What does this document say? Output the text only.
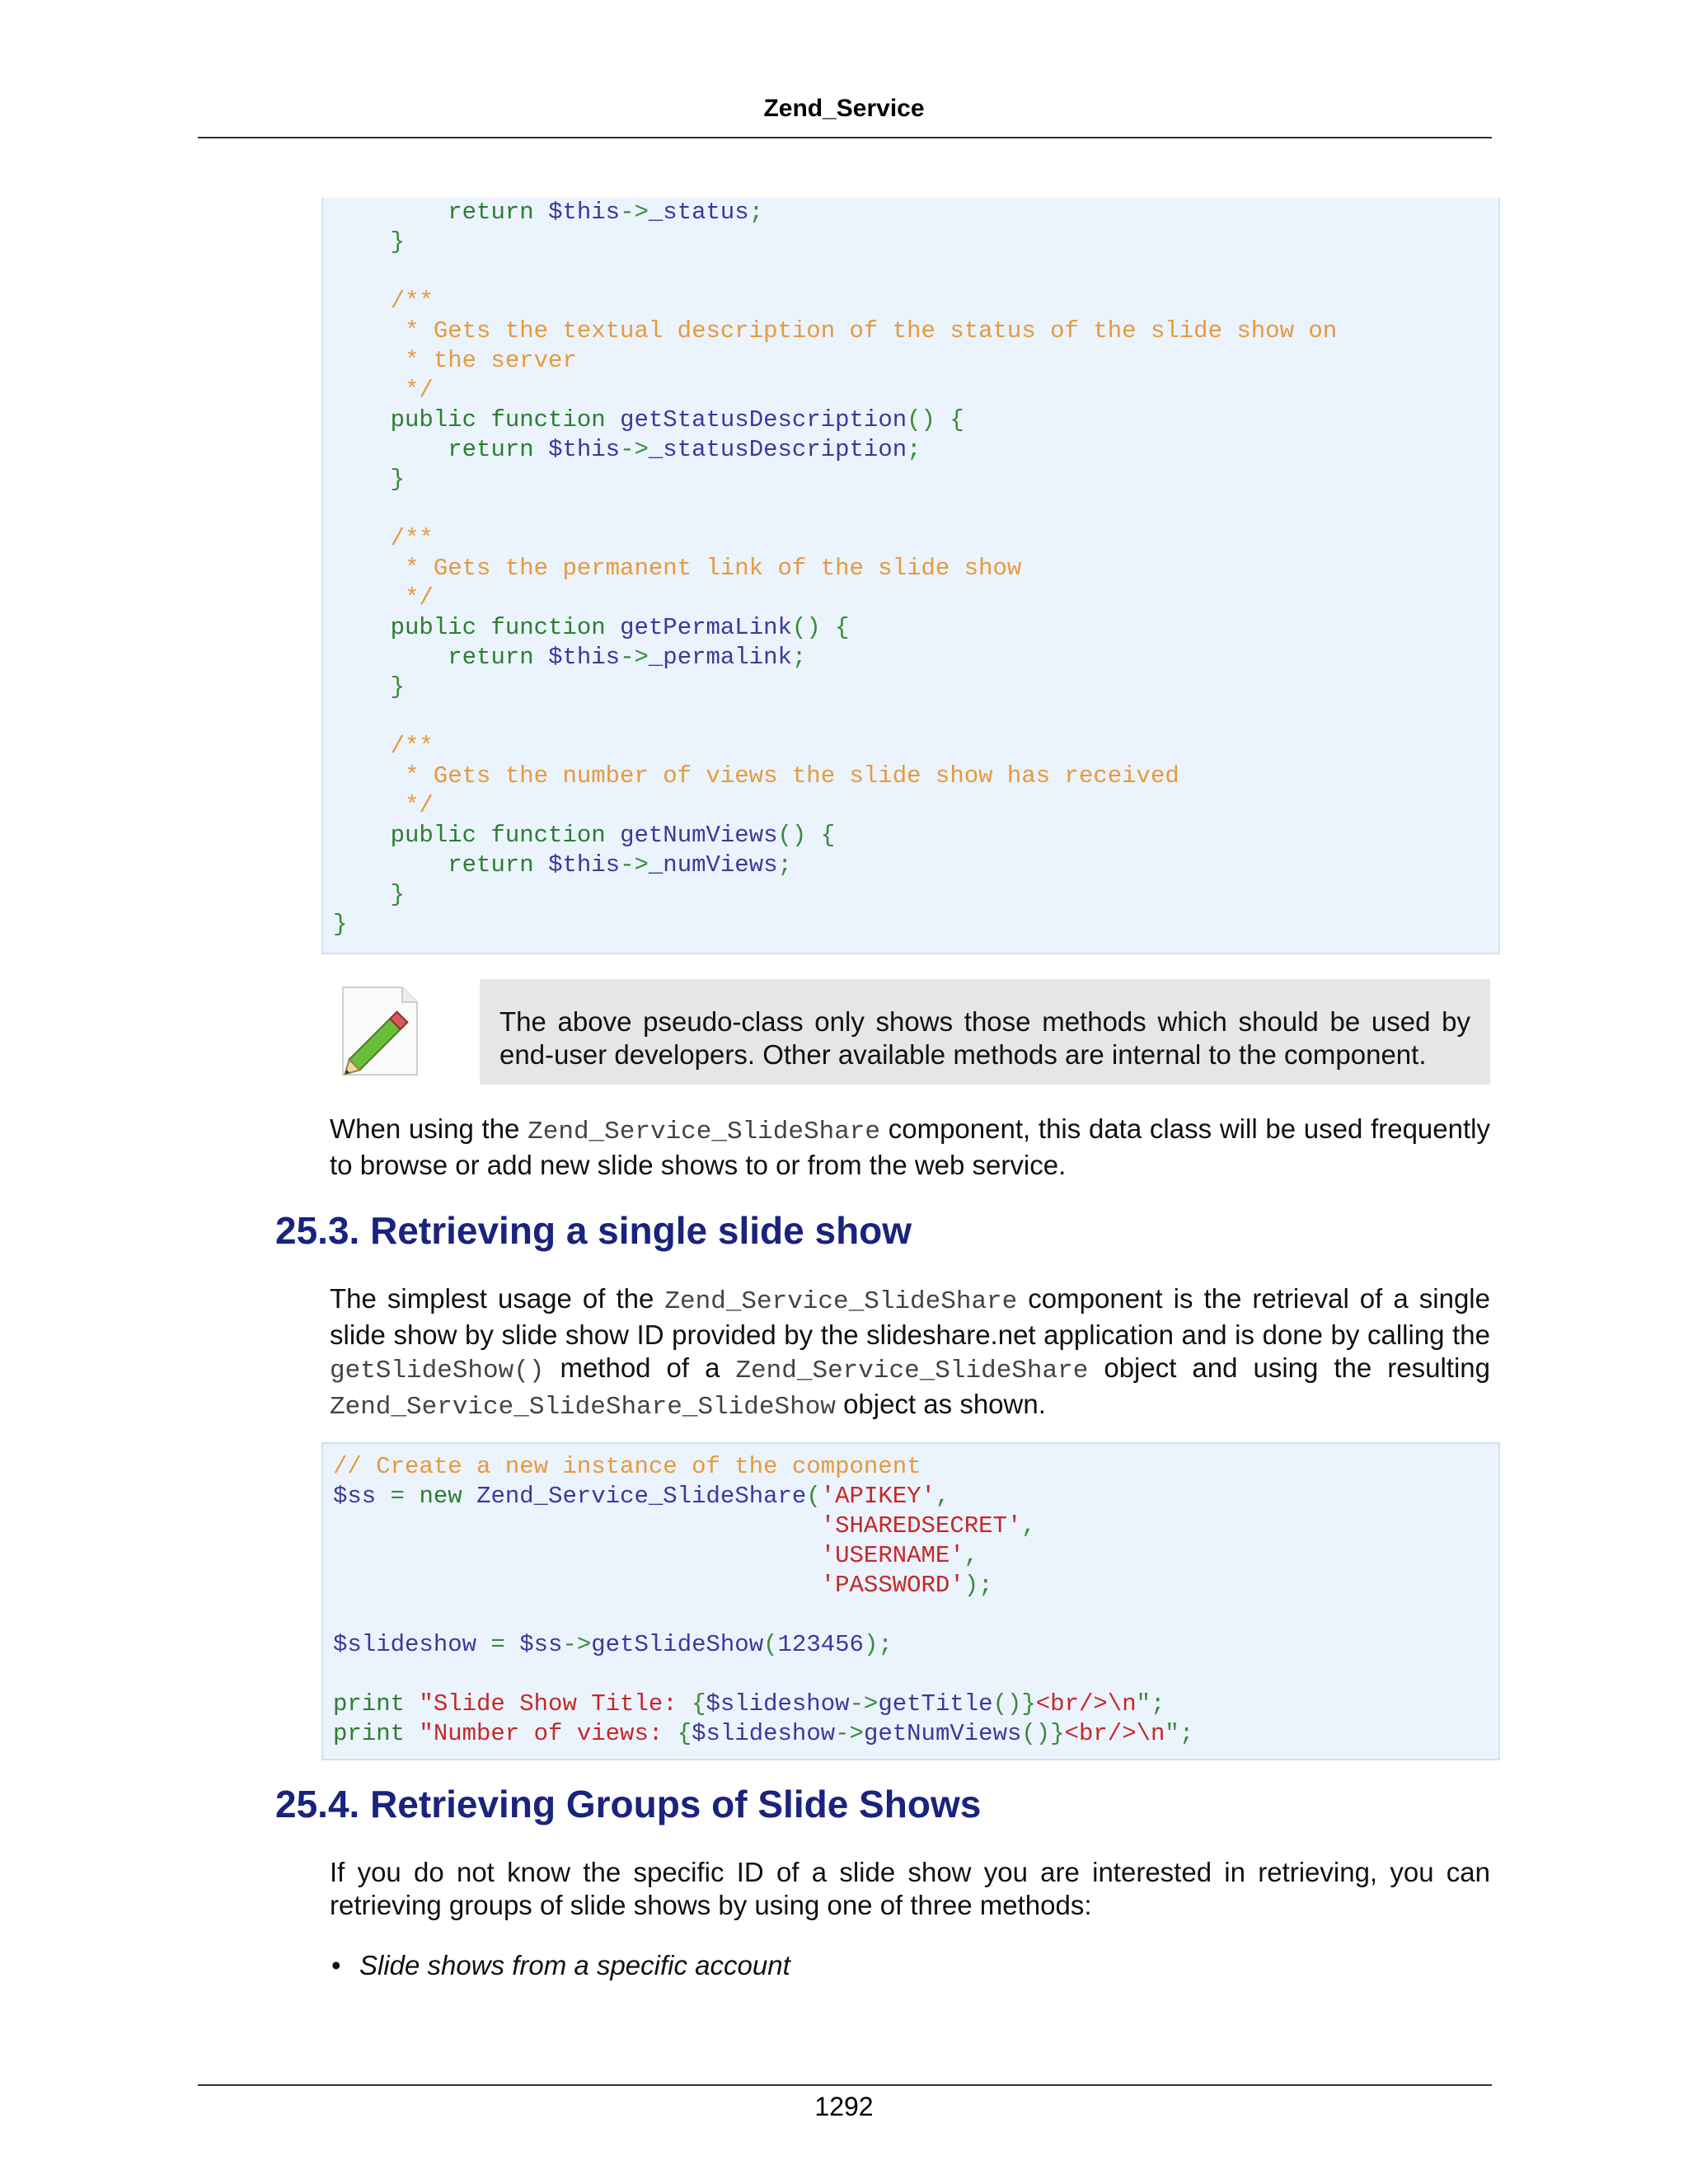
Zend_Service
return $this->_status;
}
/**
* Gets the textual description of the status of the slide show on
* the server
*/
public function getStatusDescription() {
return $this->_statusDescription;
}
/**
* Gets the permanent link of the slide show
*/
public function getPermaLink() {
return $this->_permalink;
}
/**
* Gets the number of views the slide show has received
*/
public function getNumViews() {
return $this->_numViews;
}
}
The above pseudo-class only shows those methods which should be used by end-user developers. Other available methods are internal to the component.
When using the Zend_Service_SlideShare component, this data class will be used frequently to browse or add new slide shows to or from the web service.
25.3. Retrieving a single slide show
The simplest usage of the Zend_Service_SlideShare component is the retrieval of a single slide show by slide show ID provided by the slideshare.net application and is done by calling the getSlideShow() method of a Zend_Service_SlideShare object and using the resulting Zend_Service_SlideShare_SlideShow object as shown.
// Create a new instance of the component
$ss = new Zend_Service_SlideShare('APIKEY',
'SHAREDSECRET',
'USERNAME',
'PASSWORD');
$slideshow = $ss->getSlideShow(123456);
print "Slide Show Title: {$slideshow->getTitle()}<br/>\n";
print "Number of views: {$slideshow->getNumViews()}<br/>\n";
25.4. Retrieving Groups of Slide Shows
If you do not know the specific ID of a slide show you are interested in retrieving, you can retrieving groups of slide shows by using one of three methods:
• Slide shows from a specific account
1292
